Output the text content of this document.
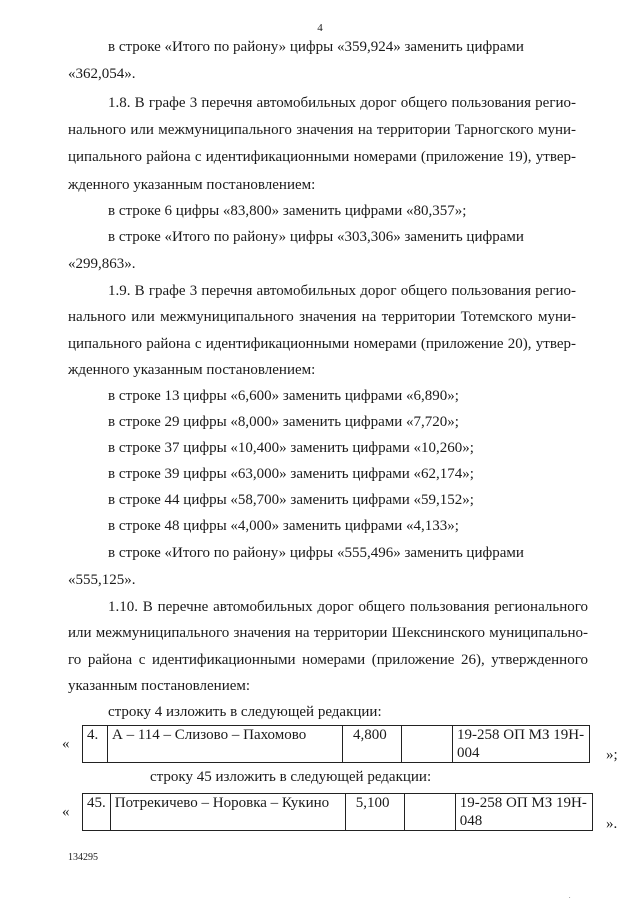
4
в строке «Итого по району» цифры «359,924» заменить цифрами
«362,054».
1.8. В графе 3 перечня автомобильных дорог общего пользования регио-
нального или межмуниципального значения на территории Тарногского муни-
ципального района с идентификационными номерами (приложение 19), утвер-
жденного указанным постановлением:
в строке 6 цифры «83,800» заменить цифрами «80,357»;
в строке «Итого по району» цифры «303,306» заменить цифрами
«299,863».
1.9. В графе 3 перечня автомобильных дорог общего пользования регио-
нального или межмуниципального значения на территории Тотемского муни-
ципального района с идентификационными номерами (приложение 20), утвер-
жденного указанным постановлением:
в строке 13 цифры «6,600» заменить цифрами «6,890»;
в строке 29 цифры «8,000» заменить цифрами «7,720»;
в строке 37 цифры «10,400» заменить цифрами «10,260»;
в строке 39 цифры «63,000» заменить цифрами «62,174»;
в строке 44 цифры «58,700» заменить цифрами «59,152»;
в строке 48 цифры «4,000» заменить цифрами «4,133»;
в строке «Итого по району» цифры «555,496» заменить цифрами
«555,125».
1.10. В перечне автомобильных дорог общего пользования регионального
или межмуниципального значения на территории Шекснинского муниципально-
го района с идентификационными номерами (приложение 26), утвержденного
указанным постановлением:
строку 4 изложить в следующей редакции:
«
4.	А – 114 – Слизово – Пахомово	4,800		19-258 ОП МЗ 19Н-
004	»;
строку 45 изложить в следующей редакции:
«
45.	Потрекичево – Норовка – Кукино	5,100		19-258 ОП МЗ 19Н-
048	».
134295
.
